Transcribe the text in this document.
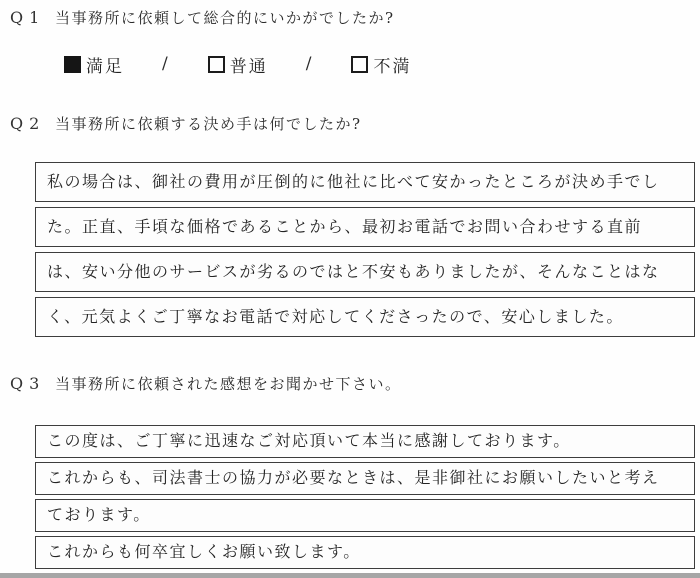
Q1 当事務所に依頼して総合的にいかがでしたか?
満足 /	普通 /	不満
Q2 当事務所に依頼する決め手は何でしたか?
私の場合は、御社の費用が圧倒的に他社に比べて安かったところが決め手でし
た。正直、手頃な価格であることから、最初お電話でお問い合わせする直前
は、安い分他のサービスが劣るのではと不安もありましたが、そんなことはな
く、元気よくご丁寧なお電話で対応してくださったので、安心しました。
Q3 当事務所に依頼された感想をお聞かせ下さい。
この度は、ご丁寧に迅速なご対応頂いて本当に感謝しております。
これからも、司法書士の協力が必要なときは、是非御社にお願いしたいと考え
ております。
これからも何卒宜しくお願い致します。
